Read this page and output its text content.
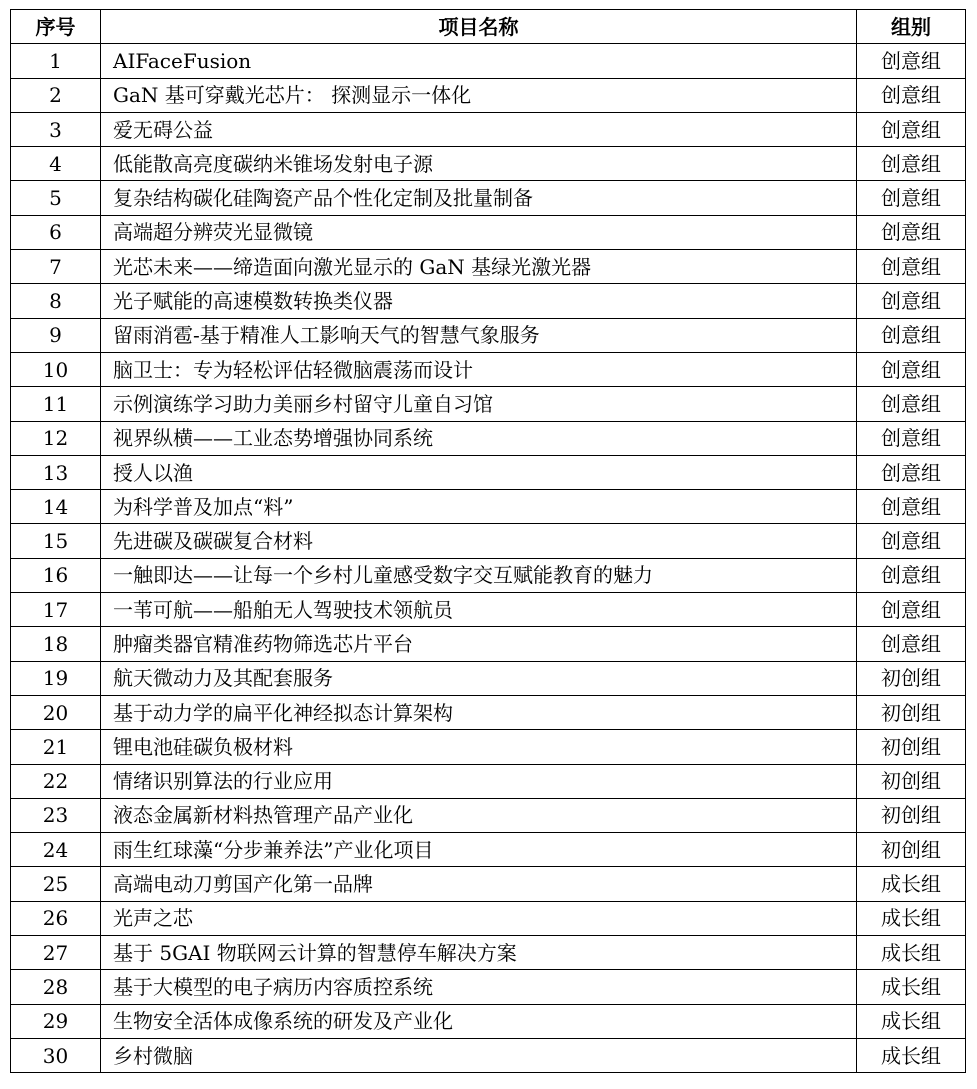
序号	项目名称	组别
1	AIFaceFusion	创意组
2	GaN 基可穿戴光芯片： 探测显示一体化	创意组
3	爱无碍公益	创意组
4	低能散高亮度碳纳米锥场发射电子源	创意组
5	复杂结构碳化硅陶瓷产品个性化定制及批量制备	创意组
6	高端超分辨荧光显微镜	创意组
7	光芯未来——缔造面向激光显示的 GaN 基绿光激光器	创意组
8	光子赋能的高速模数转换类仪器	创意组
9	留雨消雹-基于精准人工影响天气的智慧气象服务	创意组
10	脑卫士：专为轻松评估轻微脑震荡而设计	创意组
11	示例演练学习助力美丽乡村留守儿童自习馆	创意组
12	视界纵横——工业态势增强协同系统	创意组
13	授人以渔	创意组
14	为科学普及加点“料”	创意组
15	先进碳及碳碳复合材料	创意组
16	一触即达——让每一个乡村儿童感受数字交互赋能教育的魅力	创意组
17	一苇可航——船舶无人驾驶技术领航员	创意组
18	肿瘤类器官精准药物筛选芯片平台	创意组
19	航天微动力及其配套服务	初创组
20	基于动力学的扁平化神经拟态计算架构	初创组
21	锂电池硅碳负极材料	初创组
22	情绪识别算法的行业应用	初创组
23	液态金属新材料热管理产品产业化	初创组
24	雨生红球藻“分步兼养法”产业化项目	初创组
25	高端电动刀剪国产化第一品牌	成长组
26	光声之芯	成长组
27	基于 5GAI 物联网云计算的智慧停车解决方案	成长组
28	基于大模型的电子病历内容质控系统	成长组
29	生物安全活体成像系统的研发及产业化	成长组
30	乡村微脑	成长组
